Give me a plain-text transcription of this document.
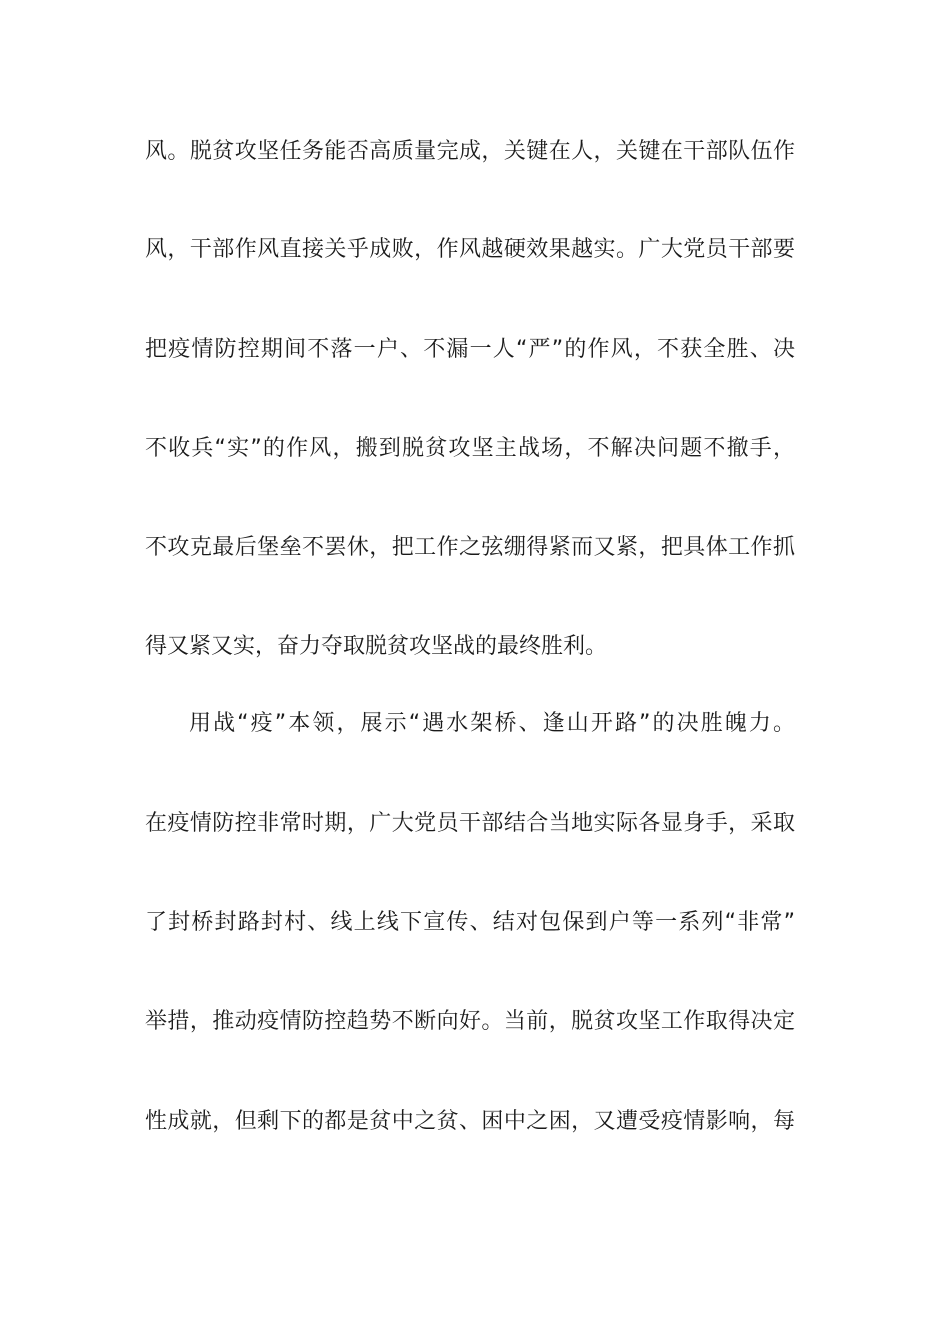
风。脱贫攻坚任务能否高质量完成，关键在人，关键在干部队伍作
风，干部作风直接关乎成败，作风越硬效果越实。广大党员干部要
把疫情防控期间不落一户、不漏一人“严”的作风，不获全胜、决
不收兵“实”的作风，搬到脱贫攻坚主战场，不解决问题不撤手，
不攻克最后堡垒不罢休，把工作之弦绷得紧而又紧，把具体工作抓
得又紧又实，奋力夺取脱贫攻坚战的最终胜利。
用战“疫”本领，展示“遇水架桥、逢山开路”的决胜魄力。
在疫情防控非常时期，广大党员干部结合当地实际各显身手，采取
了封桥封路封村、线上线下宣传、结对包保到户等一系列“非常”
举措，推动疫情防控趋势不断向好。当前，脱贫攻坚工作取得决定
性成就，但剩下的都是贫中之贫、困中之困，又遭受疫情影响，每
